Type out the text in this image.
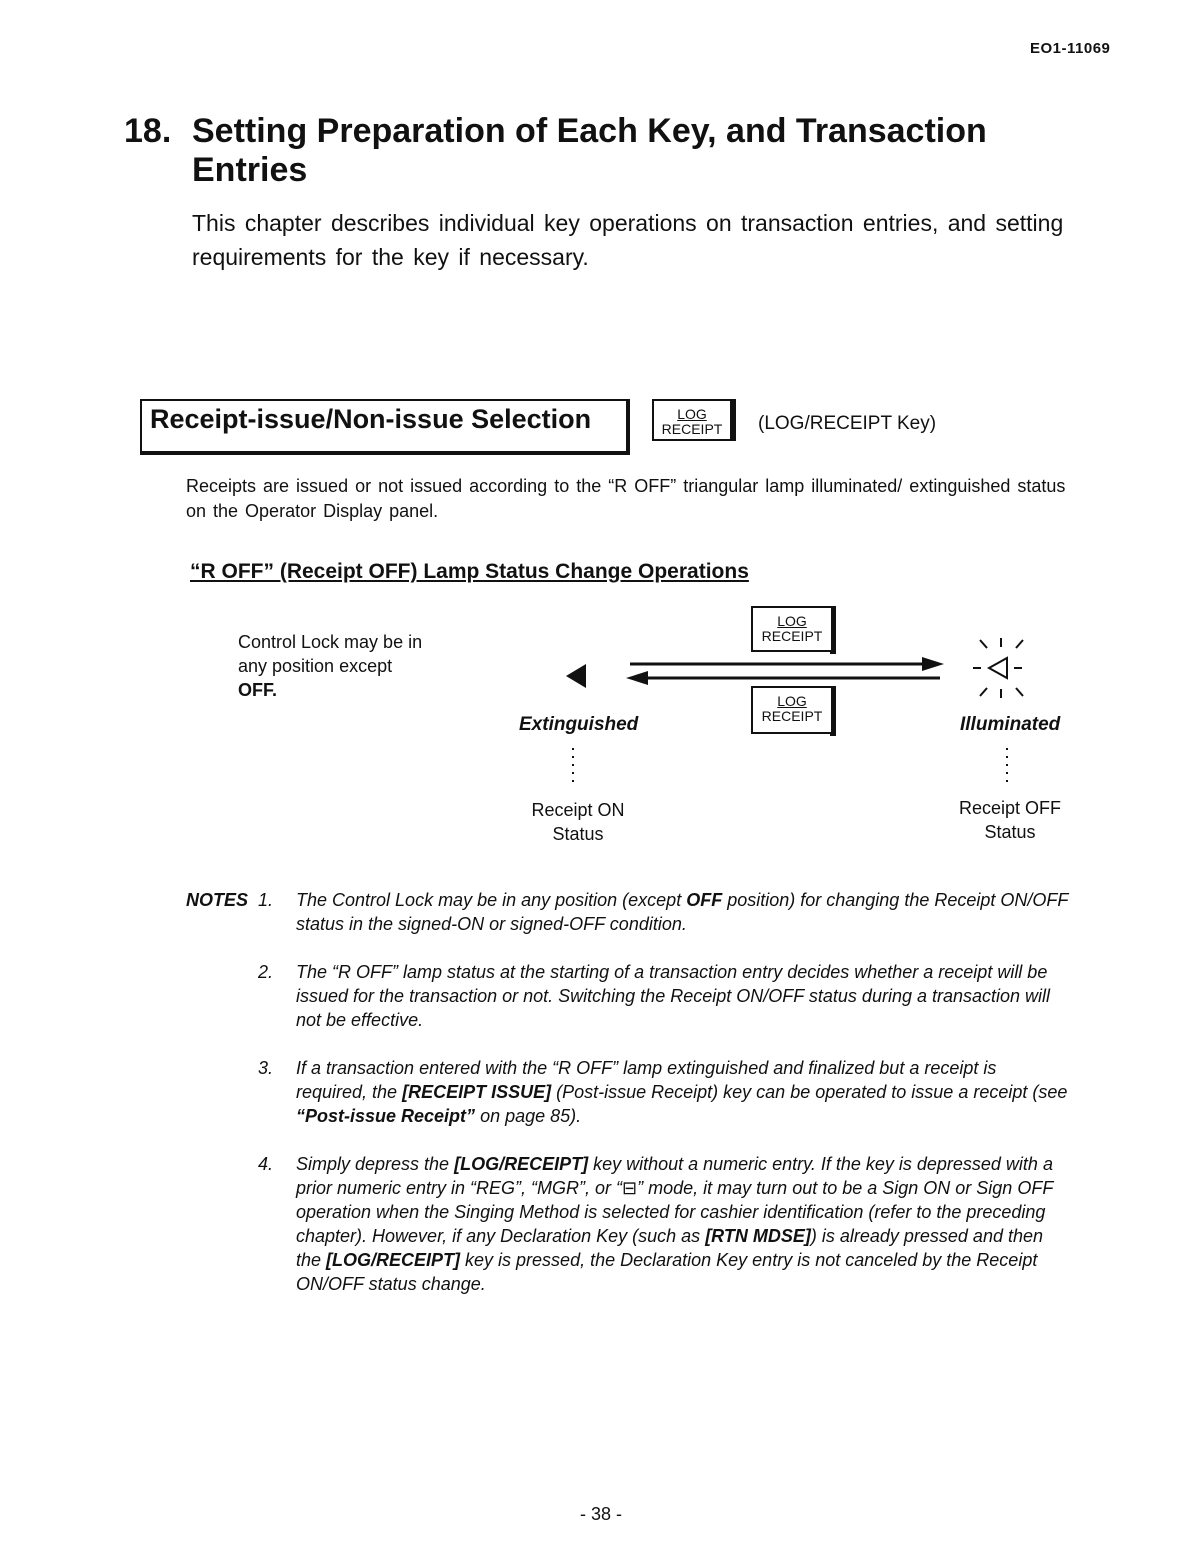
EO1-11069
18. Setting Preparation of Each Key, and Transaction Entries
This chapter describes individual key operations on transaction entries, and setting requirements for the key if necessary.
Receipt-issue/Non-issue Selection	LOG
RECEIPT	(LOG/RECEIPT Key)
Receipts are issued or not issued according to the “R OFF” triangular lamp illuminated/ extinguished status on the Operator Display panel.
“R OFF” (Receipt OFF) Lamp Status Change Operations
Control Lock may be in
any position except
OFF.
LOG
RECEIPT
LOG
RECEIPT
Extinguished	Illuminated
Receipt ON
Status
Receipt OFF
Status
NOTES 1. The Control Lock may be in any position (except OFF position) for changing the Receipt ON/OFF status in the signed-ON or signed-OFF condition.
2. The “R OFF” lamp status at the starting of a transaction entry decides whether a receipt will be issued for the transaction or not. Switching the Receipt ON/OFF status during a transaction will not be effective.
3. If a transaction entered with the “R OFF” lamp extinguished and finalized but a receipt is required, the [RECEIPT ISSUE] (Post-issue Receipt) key can be operated to issue a receipt (see “Post-issue Receipt” on page 85).
4. Simply depress the [LOG/RECEIPT] key without a numeric entry. If the key is depressed with a prior numeric entry in “REG”, “MGR”, or “⊟” mode, it may turn out to be a Sign ON or Sign OFF operation when the Singing Method is selected for cashier identification (refer to the preceding chapter). However, if any Declaration Key (such as [RTN MDSE]) is already pressed and then the [LOG/RECEIPT] key is pressed, the Declaration Key entry is not canceled by the Receipt ON/OFF status change.
- 38 -
